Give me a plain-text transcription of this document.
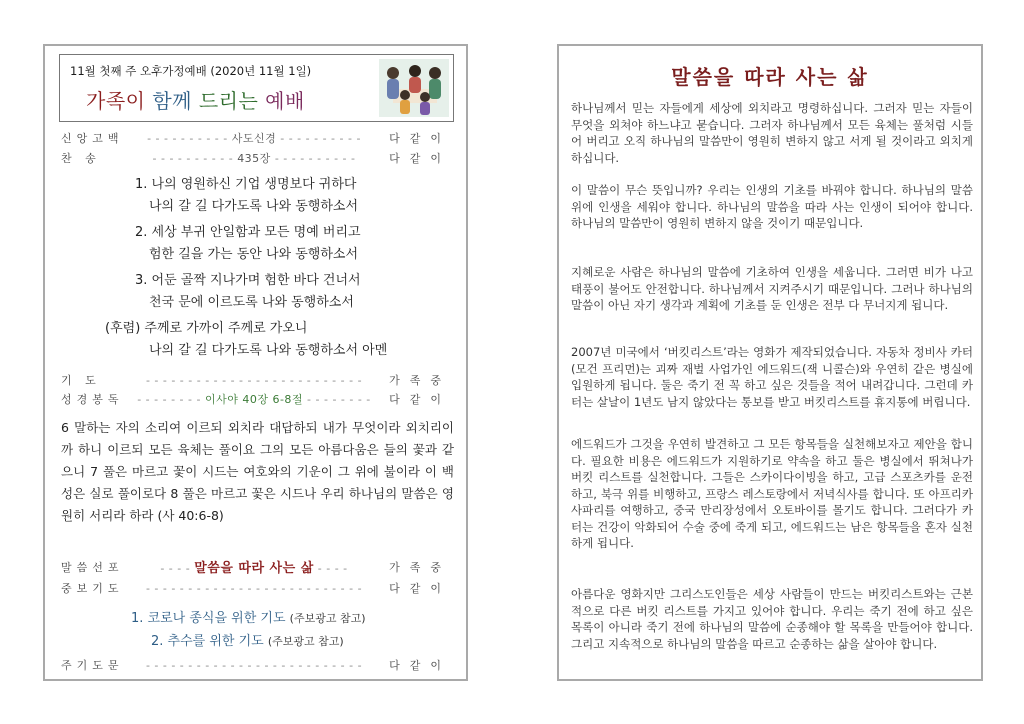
11월 첫째 주 오후가정예배 (2020년 11월 1일)
가족이 함께 드리는 예배
신앙고백	- - - - - - - - - - 사도신경 - - - - - - - - - -	다같이
찬 송	- - - - - - - - - - 435장 - - - - - - - - - -	다같이
1. 나의 영원하신 기업 생명보다 귀하다
나의 갈 길 다가도록 나와 동행하소서
2. 세상 부귀 안일함과 모든 명예 버리고
험한 길을 가는 동안 나와 동행하소서
3. 어둔 골짝 지나가며 험한 바다 건너서
천국 문에 이르도록 나와 동행하소서
(후렴) 주께로 가까이 주께로 가오니
나의 갈 길 다가도록 나와 동행하소서 아멘
기 도	- - - - - - - - - - - - - - - - - - - - - - - - - -	가족중
성경봉독	- - - - - - - - 이사야 40장 6-8절 - - - - - - - -	다같이
6 말하는 자의 소리여 이르되 외치라 대답하되 내가 무엇이라 외치리이까 하니 이르되 모든 육체는 풀이요 그의 모든 아름다움은 들의 꽃과 같으니 7 풀은 마르고 꽃이 시드는 여호와의 기운이 그 위에 불이라 이 백성은 실로 풀이로다 8 풀은 마르고 꽃은 시드나 우리 하나님의 말씀은 영원히 서리라 하라 (사 40:6-8)
말씀선포	- - - - 말씀을 따라 사는 삶 - - - -	가족중
중보기도	- - - - - - - - - - - - - - - - - - - - - - - - - -	다같이
1. 코로나 종식을 위한 기도 (주보광고 참고)
2. 추수를 위한 기도 (주보광고 참고)
주기도문	- - - - - - - - - - - - - - - - - - - - - - - - - -	다같이
말씀을 따라 사는 삶
하나님께서 믿는 자들에게 세상에 외치라고 명령하십니다. 그러자 믿는 자들이 무엇을 외쳐야 하느냐고 묻습니다. 그러자 하나님께서 모든 육체는 풀처럼 시들어 버리고 오직 하나님의 말씀만이 영원히 변하지 않고 서게 될 것이라고 외치게 하십니다.
이 말씀이 무슨 뜻입니까? 우리는 인생의 기초를 바꿔야 합니다. 하나님의 말씀 위에 인생을 세워야 합니다. 하나님의 말씀을 따라 사는 인생이 되어야 합니다. 하나님의 말씀만이 영원히 변하지 않을 것이기 때문입니다.
지혜로운 사람은 하나님의 말씀에 기초하여 인생을 세웁니다. 그러면 비가 나고 태풍이 불어도 안전합니다. 하나님께서 지켜주시기 때문입니다. 그러나 하나님의 말씀이 아닌 자기 생각과 계획에 기초를 둔 인생은 전부 다 무너지게 됩니다.
2007년 미국에서 ‘버킷리스트’라는 영화가 제작되었습니다. 자동차 정비사 카터(모건 프리먼)는 괴짜 재벌 사업가인 에드워드(잭 니콜슨)와 우연히 같은 병실에 입원하게 됩니다. 둘은 죽기 전 꼭 하고 싶은 것들을 적어 내려갑니다. 그런데 카터는 살날이 1년도 남지 않았다는 통보를 받고 버킷리스트를 휴지통에 버립니다.
에드워드가 그것을 우연히 발견하고 그 모든 항목들을 실천해보자고 제안을 합니다. 필요한 비용은 에드워드가 지원하기로 약속을 하고 둘은 병실에서 뛰쳐나가 버킷 리스트를 실천합니다. 그들은 스카이다이빙을 하고, 고급 스포츠카를 운전하고, 북극 위를 비행하고, 프랑스 레스토랑에서 저녁식사를 합니다. 또 아프리카 사파리를 여행하고, 중국 만리장성에서 오토바이를 몰기도 합니다. 그러다가 카터는 건강이 악화되어 수술 중에 죽게 되고, 에드워드는 남은 항목들을 혼자 실천하게 됩니다.
아름다운 영화지만 그리스도인들은 세상 사람들이 만드는 버킷리스트와는 근본적으로 다른 버킷 리스트를 가지고 있어야 합니다. 우리는 죽기 전에 하고 싶은 목록이 아니라 죽기 전에 하나님의 말씀에 순종해야 할 목록을 만들어야 합니다. 그리고 지속적으로 하나님의 말씀을 따르고 순종하는 삶을 살아야 합니다.
